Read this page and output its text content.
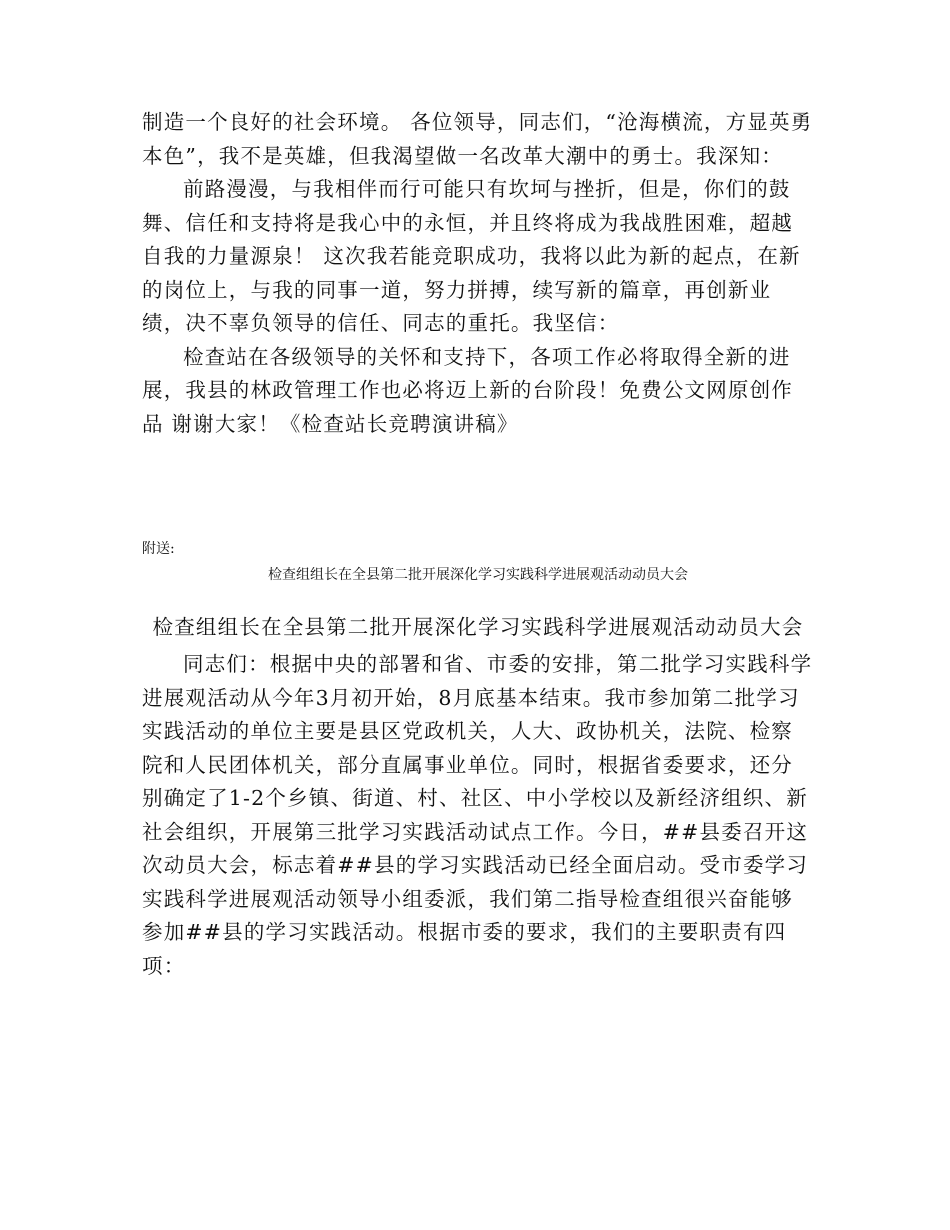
制造一个良好的社会环境。 各位领导，同志们，“沧海横流，方显英勇本色”，我不是英雄，但我渴望做一名改革大潮中的勇士。我深知：

前路漫漫，与我相伴而行可能只有坎坷与挫折，但是，你们的鼓舞、信任和支持将是我心中的永恒，并且终将成为我战胜困难，超越自我的力量源泉！ 这次我若能竞职成功，我将以此为新的起点，在新的岗位上，与我的同事一道，努力拼搏，续写新的篇章，再创新业绩，决不辜负领导的信任、同志的重托。我坚信：

检查站在各级领导的关怀和支持下，各项工作必将取得全新的进展，我县的林政管理工作也必将迈上新的台阶段！免费公文网原创作品 谢谢大家！《检查站长竞聘演讲稿》

附送:

检查组组长在全县第二批开展深化学习实践科学进展观活动动员大会

检查组组长在全县第二批开展深化学习实践科学进展观活动动员大会

同志们：根据中央的部署和省、市委的安排，第二批学习实践科学进展观活动从今年3月初开始，8月底基本结束。我市参加第二批学习实践活动的单位主要是县区党政机关，人大、政协机关，法院、检察院和人民团体机关，部分直属事业单位。同时，根据省委要求，还分别确定了1-2个乡镇、街道、村、社区、中小学校以及新经济组织、新社会组织，开展第三批学习实践活动试点工作。今日，##县委召开这次动员大会，标志着##县的学习实践活动已经全面启动。受市委学习实践科学进展观活动领导小组委派，我们第二指导检查组很兴奋能够参加##县的学习实践活动。根据市委的要求，我们的主要职责有四项：
